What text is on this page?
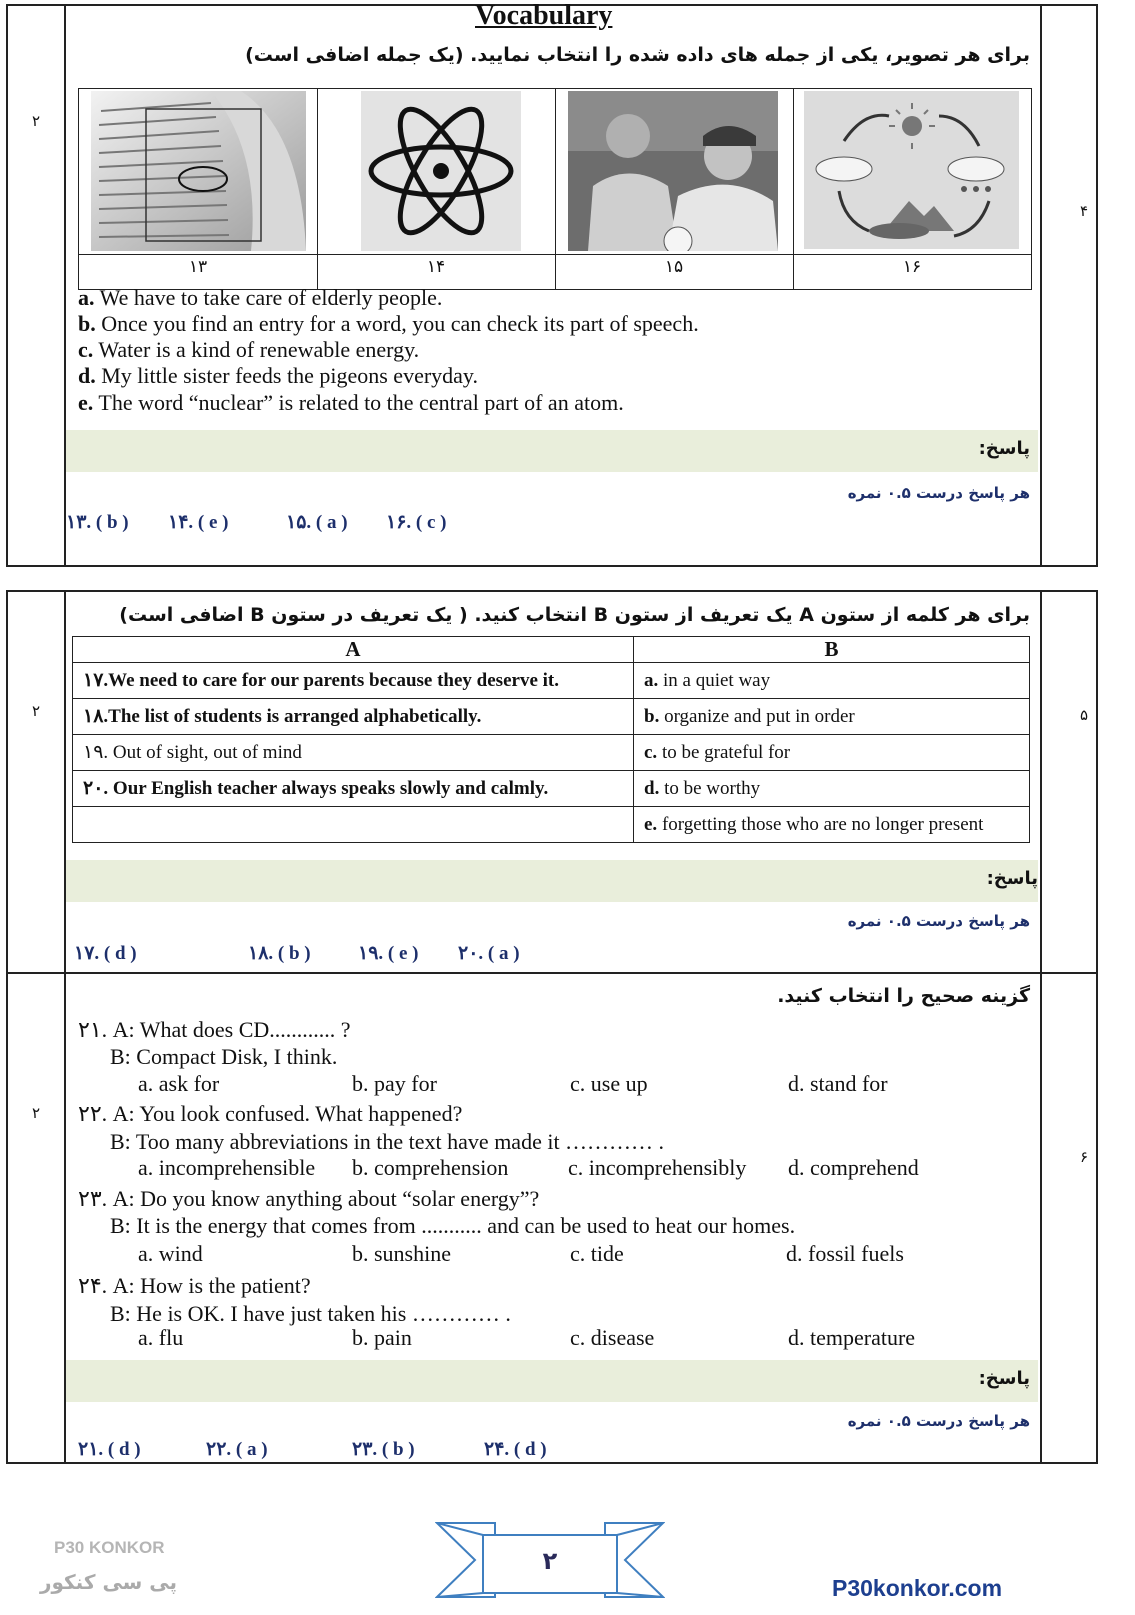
۲
۴
Vocabulary
برای هر تصویر، یکی از جمله های داده شده را انتخاب نمایید. (یک جمله اضافی است)
۱۳	۱۴	۱۵	۱۶
a. We have to take care of elderly people.
b. Once you find an entry for a word, you can check its part of speech.
c. Water is a kind of renewable energy.
d. My little sister feeds the pigeons everyday.
e. The word “nuclear” is related to the central part of an atom.
پاسخ:
هر پاسخ درست ۰.۵ نمره
۱۳. ( b ) ۱۴. ( e )	۱۵. ( a ) ۱۶. ( c )
۲	۵
برای هر کلمه از ستون A یک تعریف از ستون B انتخاب کنید. ( یک تعریف در ستون B اضافی است)
A	B
۱۷.We need to care for our parents because they deserve it.	a. in a quiet way
۱۸.The list of students is arranged alphabetically.	b. organize and put in order
۱۹. Out of sight, out of mind	c. to be grateful for
۲۰. Our English teacher always speaks slowly and calmly.	d. to be worthy
	e. forgetting those who are no longer present
پاسخ:
هر پاسخ درست ۰.۵ نمره
۱۷. ( d )	۱۸. ( b ) ۱۹. ( e ) ۲۰. ( a )
۲
۶
گزینه صحیح را انتخاب کنید.
۲۱. A: What does CD............ ?
B: Compact Disk, I think.
a. ask for	b. pay for	c. use up	d. stand for
۲۲. A: You look confused. What happened?
B: Too many abbreviations in the text have made it ………… .
a. incomprehensible b. comprehension	c. incomprehensibly d. comprehend
۲۳. A: Do you know anything about “solar energy”?
B: It is the energy that comes from ........... and can be used to heat our homes.
a. wind	b. sunshine	c. tide	d. fossil fuels
۲۴. A: How is the patient?
B: He is OK. I have just taken his ………… .
a. flu	b. pain	c. disease	d. temperature
پاسخ:
هر پاسخ درست ۰.۵ نمره
۲۱. ( d )	۲۲. ( a )	۲۳. ( b )	۲۴. ( d )
P30 KONKOR
پی سی کنکور
۲
P30konkor.com
